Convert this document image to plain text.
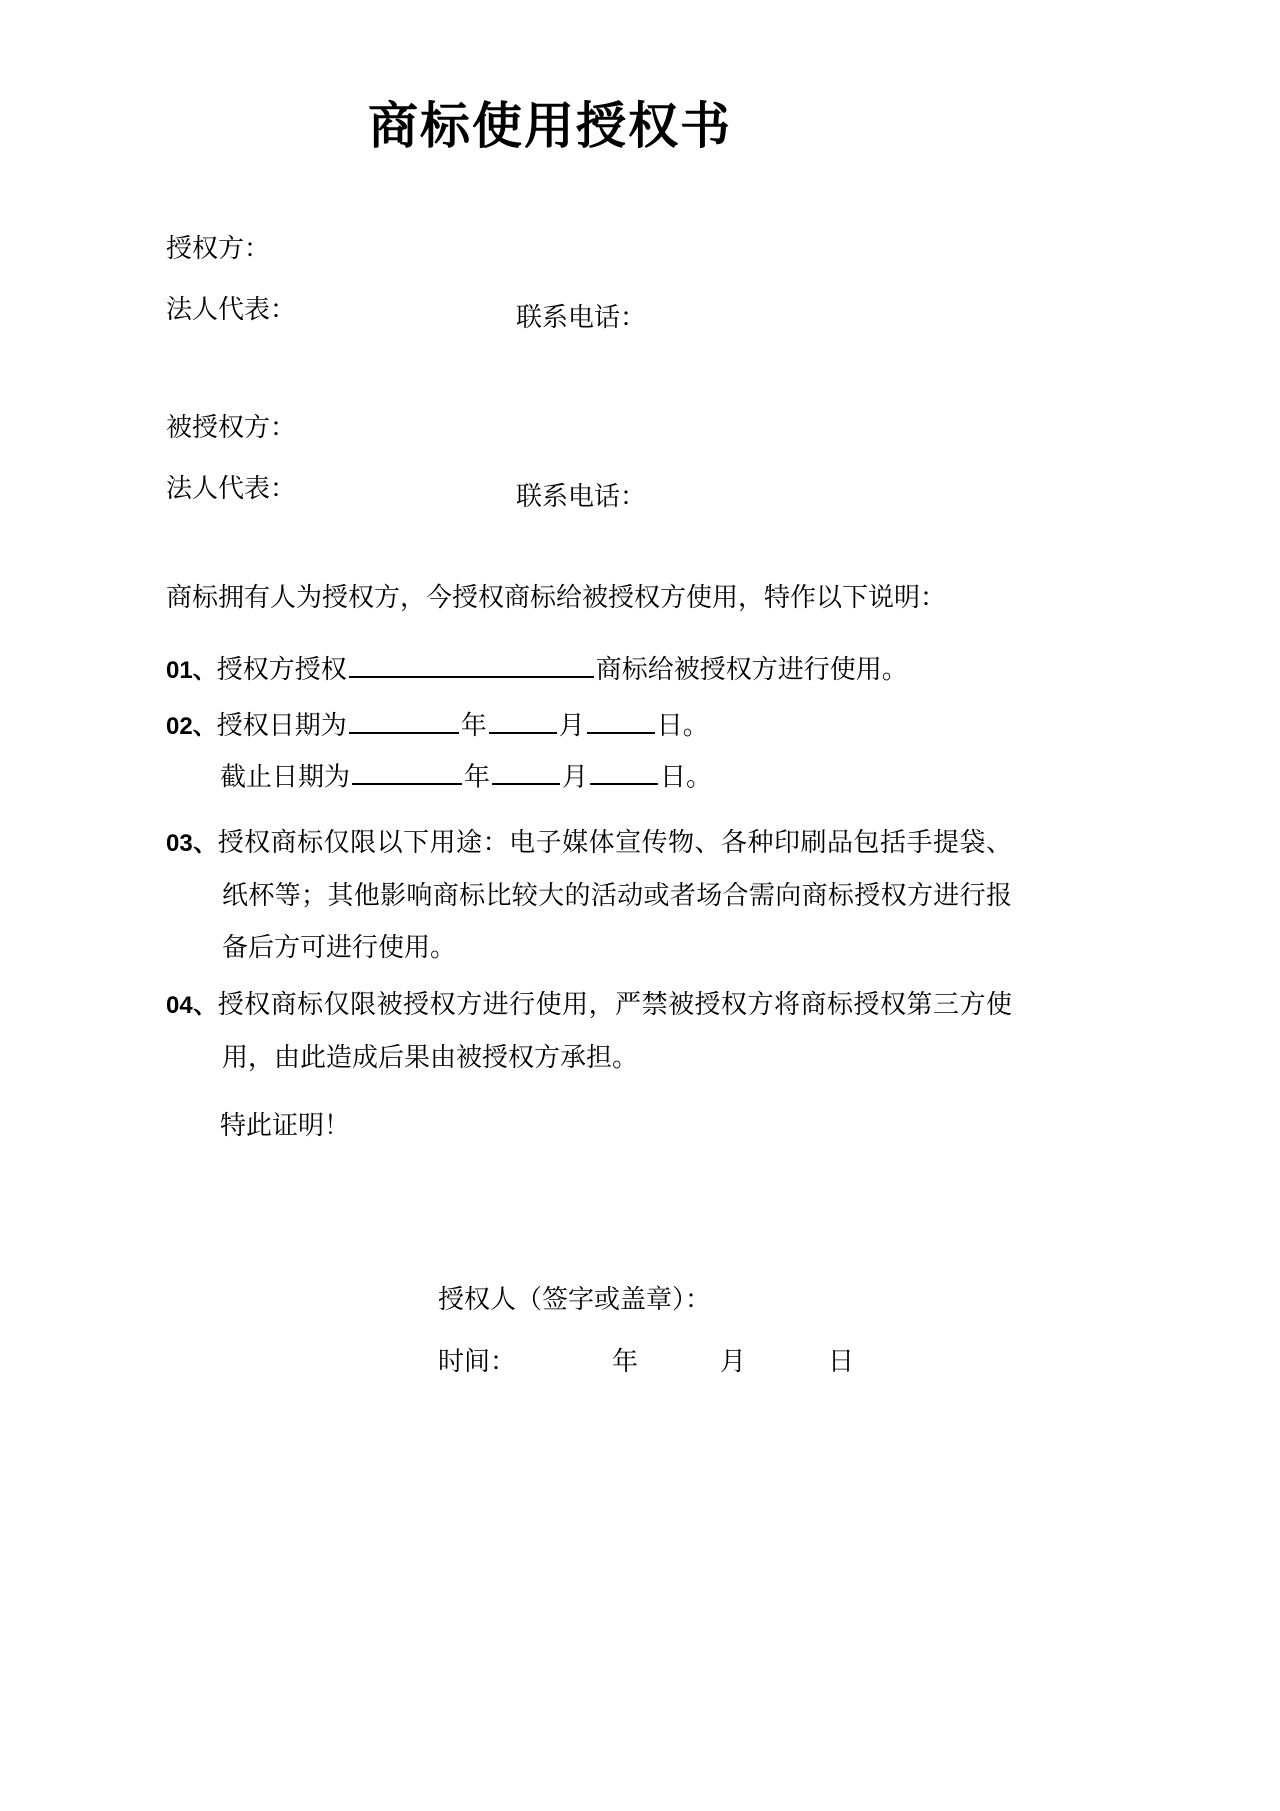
商标使用授权书
授权方：
法人代表：	联系电话：
被授权方：
法人代表：	联系电话：
商标拥有人为授权方，今授权商标给被授权方使用，特作以下说明：
01、授权方授权	商标给被授权方进行使用。
02、授权日期为	年	月	日。
截止日期为	年	月	日。
03、授权商标仅限以下用途：电子媒体宣传物、各种印刷品包括手提袋、纸杯等；其他影响商标比较大的活动或者场合需向商标授权方进行报备后方可进行使用。
04、授权商标仅限被授权方进行使用，严禁被授权方将商标授权第三方使用，由此造成后果由被授权方承担。
特此证明！
授权人（签字或盖章）：
时间：	年	月	日
